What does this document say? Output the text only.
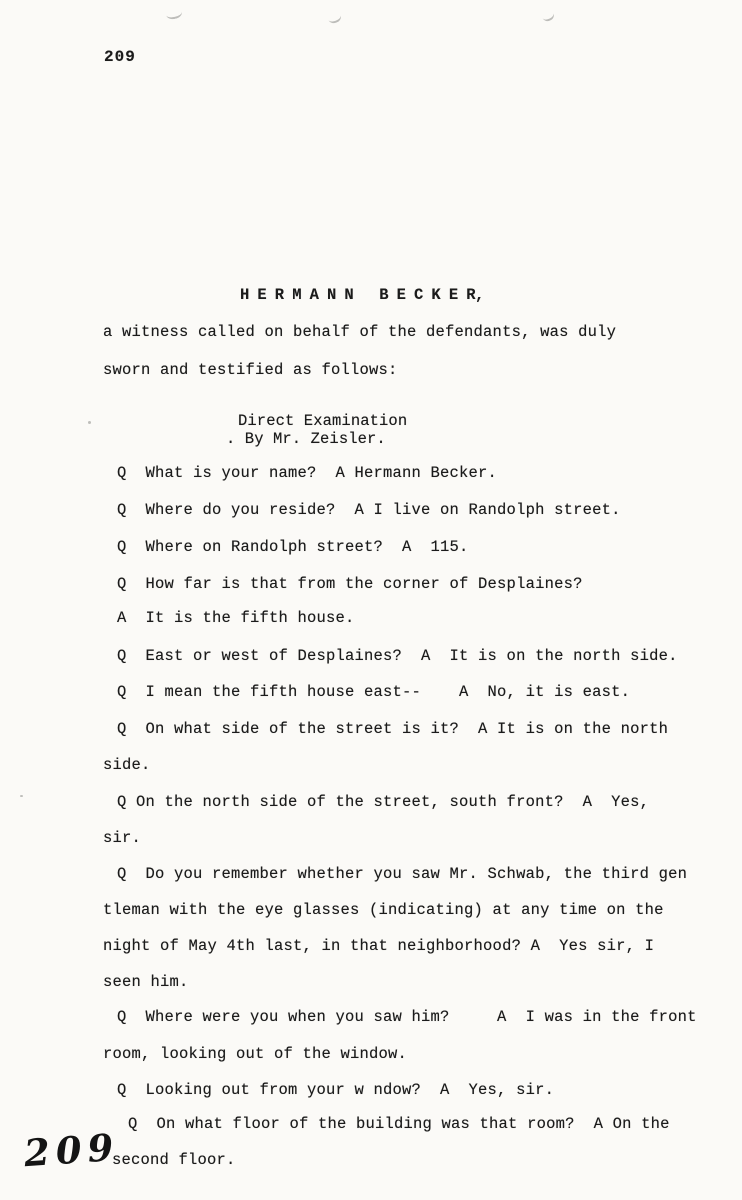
209
H E R M A N N   B E C K E R,
a witness called on behalf of the defendants, was duly
sworn and testified as follows:
Direct Examination
. By Mr. Zeisler.
Q  What is your name?  A Hermann Becker.
Q  Where do you reside?  A I live on Randolph street.
Q  Where on Randolph street?  A  115.
Q  How far is that from the corner of Desplaines?
A  It is the fifth house.
Q  East or west of Desplaines?  A  It is on the north side.
Q  I mean the fifth house east--    A  No, it is east.
Q  On what side of the street is it?  A It is on the north
side.
Q On the north side of the street, south front?  A  Yes,
sir.
Q  Do you remember whether you saw Mr. Schwab, the third gen
tleman with the eye glasses (indicating) at any time on the
night of May 4th last, in that neighborhood? A  Yes sir, I
seen him.
Q  Where were you when you saw him?     A  I was in the front
room, looking out of the window.
Q  Looking out from your w ndow?  A  Yes, sir.
Q  On what floor of the building was that room?  A On the
second floor.
209
